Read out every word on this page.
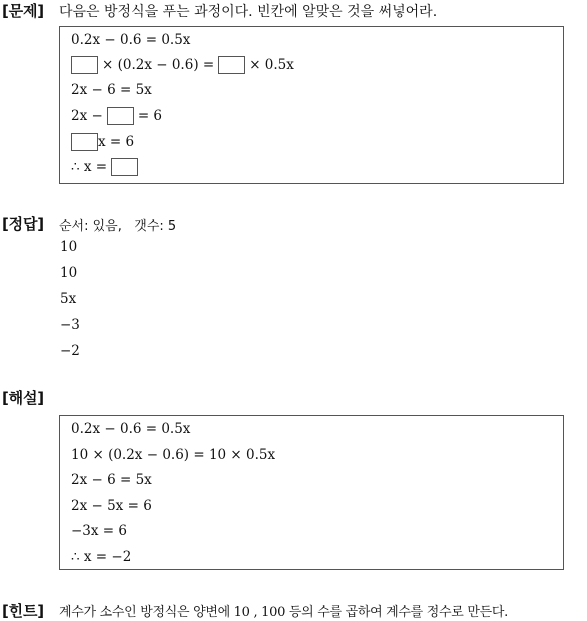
[문제] 다음은 방정식을 푸는 과정이다. 빈칸에 알맞은 것을 써넣어라.
0.2x − 0.6 = 0.5x
× (0.2x − 0.6) =	× 0.5x
2x − 6 = 5x
2x −	= 6
x = 6
∴ x =
[정답] 순서: 있음,   갯수: 5
10
10
5x
−3
−2
[해설]
0.2x − 0.6 = 0.5x
10 × (0.2x − 0.6) = 10 × 0.5x
2x − 6 = 5x
2x − 5x = 6
−3x = 6
∴ x = −2
[힌트] 계수가 소수인 방정식은 양변에 10 , 100 등의 수를 곱하여 계수를 정수로 만든다.
